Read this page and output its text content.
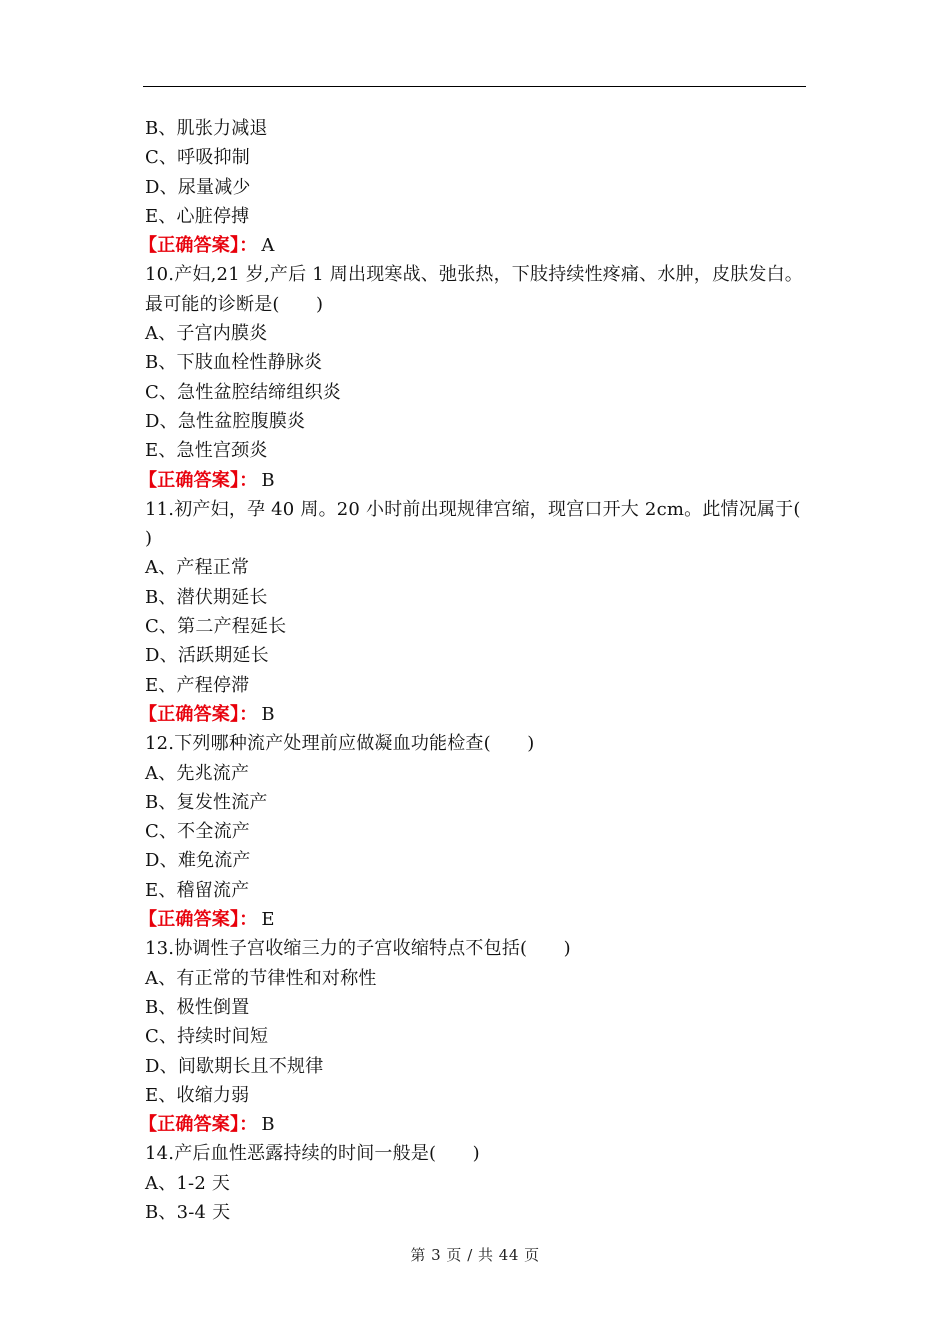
B、肌张力减退
C、呼吸抑制
D、尿量减少
E、心脏停搏
【正确答案】： A
10.产妇,21 岁,产后 1 周出现寒战、弛张热，下肢持续性疼痛、水肿，皮肤发白。最可能的诊断是(　　)
A、子宫内膜炎
B、下肢血栓性静脉炎
C、急性盆腔结缔组织炎
D、急性盆腔腹膜炎
E、急性宫颈炎
【正确答案】： B
11.初产妇，孕 40 周。20 小时前出现规律宫缩，现宫口开大 2cm。此情况属于(　　)
A、产程正常
B、潜伏期延长
C、第二产程延长
D、活跃期延长
E、产程停滞
【正确答案】： B
12.下列哪种流产处理前应做凝血功能检查(　　)
A、先兆流产
B、复发性流产
C、不全流产
D、难免流产
E、稽留流产
【正确答案】： E
13.协调性子宫收缩三力的子宫收缩特点不包括(　　)
A、有正常的节律性和对称性
B、极性倒置
C、持续时间短
D、间歇期长且不规律
E、收缩力弱
【正确答案】： B
14.产后血性恶露持续的时间一般是(　　)
A、1-2 天
B、3-4 天
第 3 页 / 共 44 页
